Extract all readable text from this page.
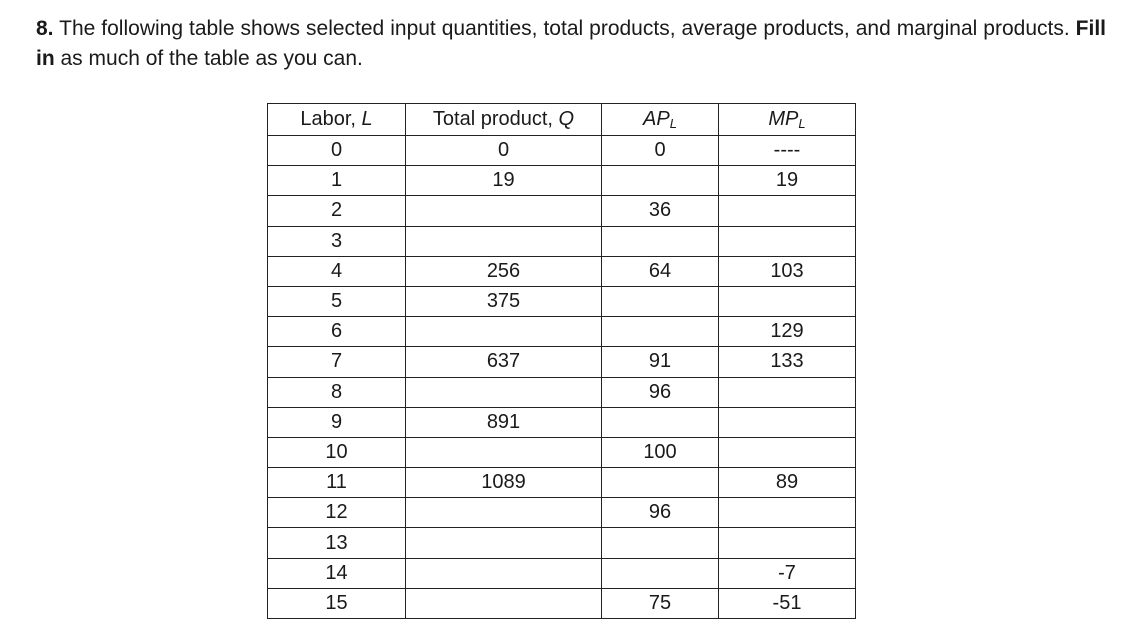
8. The following table shows selected input quantities, total products, average products, and marginal products. Fill in as much of the table as you can.
Labor, L	Total product, Q	$AP_L$	$MP_L$
0	0	0	----
1	19		19
2		36	
3			
4	256	64	103
5	375		
6			129
7	637	91	133
8		96	
9	891		
10		100	
11	1089		89
12		96	
13			
14			-7
15		75	-51
